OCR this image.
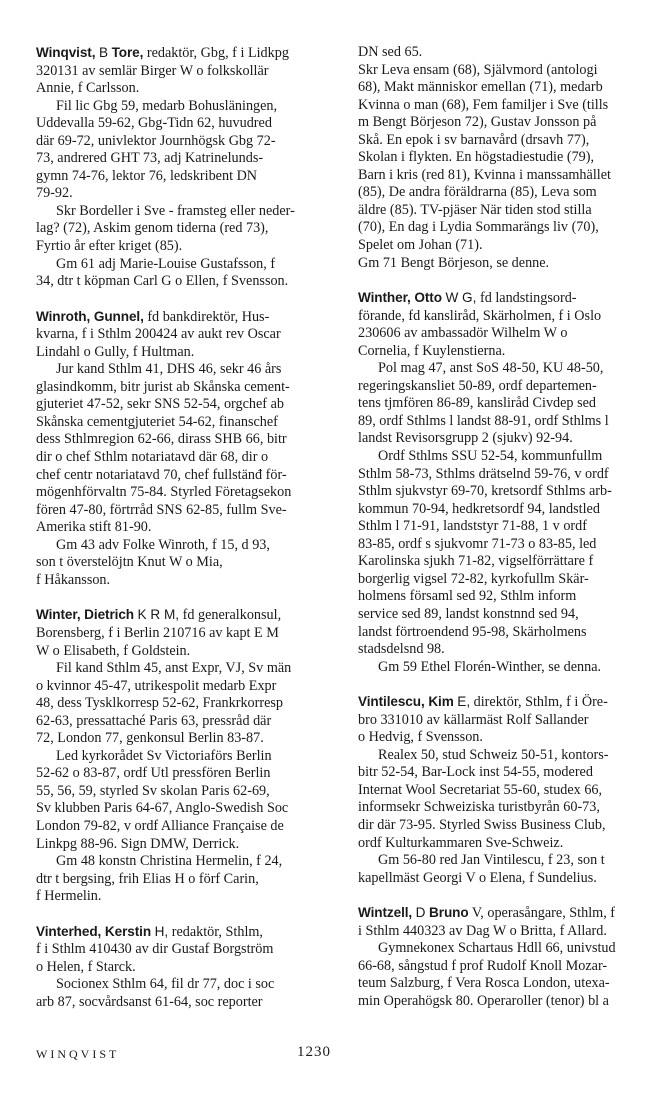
Winqvist, B Tore, redaktör, Gbg, f i Lidkpg
320131 av semlär Birger W o folkskollär
Annie, f Carlsson.
Fil lic Gbg 59, medarb Bohusläningen,
Uddevalla 59-62, Gbg-Tidn 62, huvudred
där 69-72, univlektor Journhögsk Gbg 72-
73, andrered GHT 73, adj Katrinelunds-
gymn 74-76, lektor 76, ledskribent DN
79-92.
Skr Bordeller i Sve - framsteg eller neder-
lag? (72), Askim genom tiderna (red 73),
Fyrtio år efter kriget (85).
Gm 61 adj Marie-Louise Gustafsson, f
34, dtr t köpman Carl G o Ellen, f Svensson.
Winroth, Gunnel, fd bankdirektör, Hus-
kvarna, f i Sthlm 200424 av aukt rev Oscar
Lindahl o Gully, f Hultman.
Jur kand Sthlm 41, DHS 46, sekr 46 års
glasindkomm, bitr jurist ab Skånska cement-
gjuteriet 47-52, sekr SNS 52-54, orgchef ab
Skånska cementgjuteriet 54-62, finanschef
dess Sthlmregion 62-66, dirass SHB 66, bitr
dir o chef Sthlm notariatavd där 68, dir o
chef centr notariatavd 70, chef fullstänđ för-
mögenhförvaltn 75-84. Styrled Företagsekon
fören 47-80, förtrråd SNS 62-85, fullm Sve-
Amerika stift 81-90.
Gm 43 adv Folke Winroth, f 15, d 93,
son t överstelöjtn Knut W o Mia,
f Håkansson.
Winter, Dietrich K R M, fd generalkonsul,
Borensberg, f i Berlin 210716 av kapt E M
W o Elisabeth, f Goldstein.
Fil kand Sthlm 45, anst Expr, VJ, Sv män
o kvinnor 45-47, utrikespolit medarb Expr
48, dess Tysklkorresp 52-62, Frankrkorresp
62-63, pressattaché Paris 63, pressråd där
72, London 77, genkonsul Berlin 83-87.
Led kyrkorådet Sv Victoriaförs Berlin
52-62 o 83-87, ordf Utl pressfören Berlin
55, 56, 59, styrled Sv skolan Paris 62-69,
Sv klubben Paris 64-67, Anglo-Swedish Soc
London 79-82, v ordf Alliance Française de
Linkpg 88-96. Sign DMW, Derrick.
Gm 48 konstn Christina Hermelin, f 24,
dtr t bergsing, frih Elias H o förf Carin,
f Hermelin.
Vinterhed, Kerstin H, redaktör, Sthlm,
f i Sthlm 410430 av dir Gustaf Borgström
o Helen, f Starck.
Socionex Sthlm 64, fil dr 77, doc i soc
arb 87, socvårdsanst 61-64, soc reporter
DN sed 65.
Skr Leva ensam (68), Självmord (antologi
68), Makt människor emellan (71), medarb
Kvinna o man (68), Fem familjer i Sve (tills
m Bengt Börjeson 72), Gustav Jonsson på
Skå. En epok i sv barnavård (drsavh 77),
Skolan i flykten. En högstadiestudie (79),
Barn i kris (red 81), Kvinna i manssamhället
(85), De andra föräldrarna (85), Leva som
äldre (85). TV-pjäser När tiden stod stilla
(70), En dag i Lydia Sommarängs liv (70),
Spelet om Johan (71).
Gm 71 Bengt Börjeson, se denne.
Winther, Otto W G, fd landstingsord-
förande, fd kanslіråd, Skärholmen, f i Oslo
230606 av ambassadör Wilhelm W o
Cornelia, f Kuylenstierna.
Pol mag 47, anst SoS 48-50, KU 48-50,
regeringskansliet 50-89, ordf departemen-
tens tjmfören 86-89, kanslіråd Civdep sed
89, ordf Sthlms l landst 88-91, ordf Sthlms l
landst Revisorsgrupp 2 (sjukv) 92-94.
Ordf Sthlms SSU 52-54, kommunfullm
Sthlm 58-73, Sthlms drätselnd 59-76, v ordf
Sthlm sjukvstyr 69-70, kretsordf Sthlms arb-
kommun 70-94, hedkretsordf 94, landstled
Sthlm l 71-91, landststyr 71-88, 1 v ordf
83-85, ordf s sjukvomr 71-73 o 83-85, led
Karolinska sjukh 71-82, vigselförrättare f
borgerlig vigsel 72-82, kyrkofullm Skär-
holmens församl sed 92, Sthlm inform
service sed 89, landst konstnnd sed 94,
landst förtroendend 95-98, Skärholmens
stadsdelsnd 98.
Gm 59 Ethel Florén-Winther, se denna.
Vintilescu, Kim E, direktör, Sthlm, f i Öre-
bro 331010 av källarmäst Rolf Sallander
o Hedvig, f Svensson.
Realex 50, stud Schweiz 50-51, kontors-
bitr 52-54, Bar-Lock inst 54-55, modered
Internat Wool Secretariat 55-60, studex 66,
informsekr Schweiziska turistbyrån 60-73,
dir där 73-95. Styrled Swiss Business Club,
ordf Kulturkammaren Sve-Schweiz.
Gm 56-80 red Jan Vintilescu, f 23, son t
kapellmäst Georgi V o Elena, f Sundelius.
Wintzell, D Bruno V, operasångare, Sthlm, f
i Sthlm 440323 av Dag W o Britta, f Allard.
Gymnekonex Schartaus Hdll 66, univstud
66-68, sångstud f prof Rudolf Knoll Mozar-
teum Salzburg, f Vera Rosca London, utexa-
min Operahögsk 80. Operaroller (tenor) bl a
WINQVIST	1230
